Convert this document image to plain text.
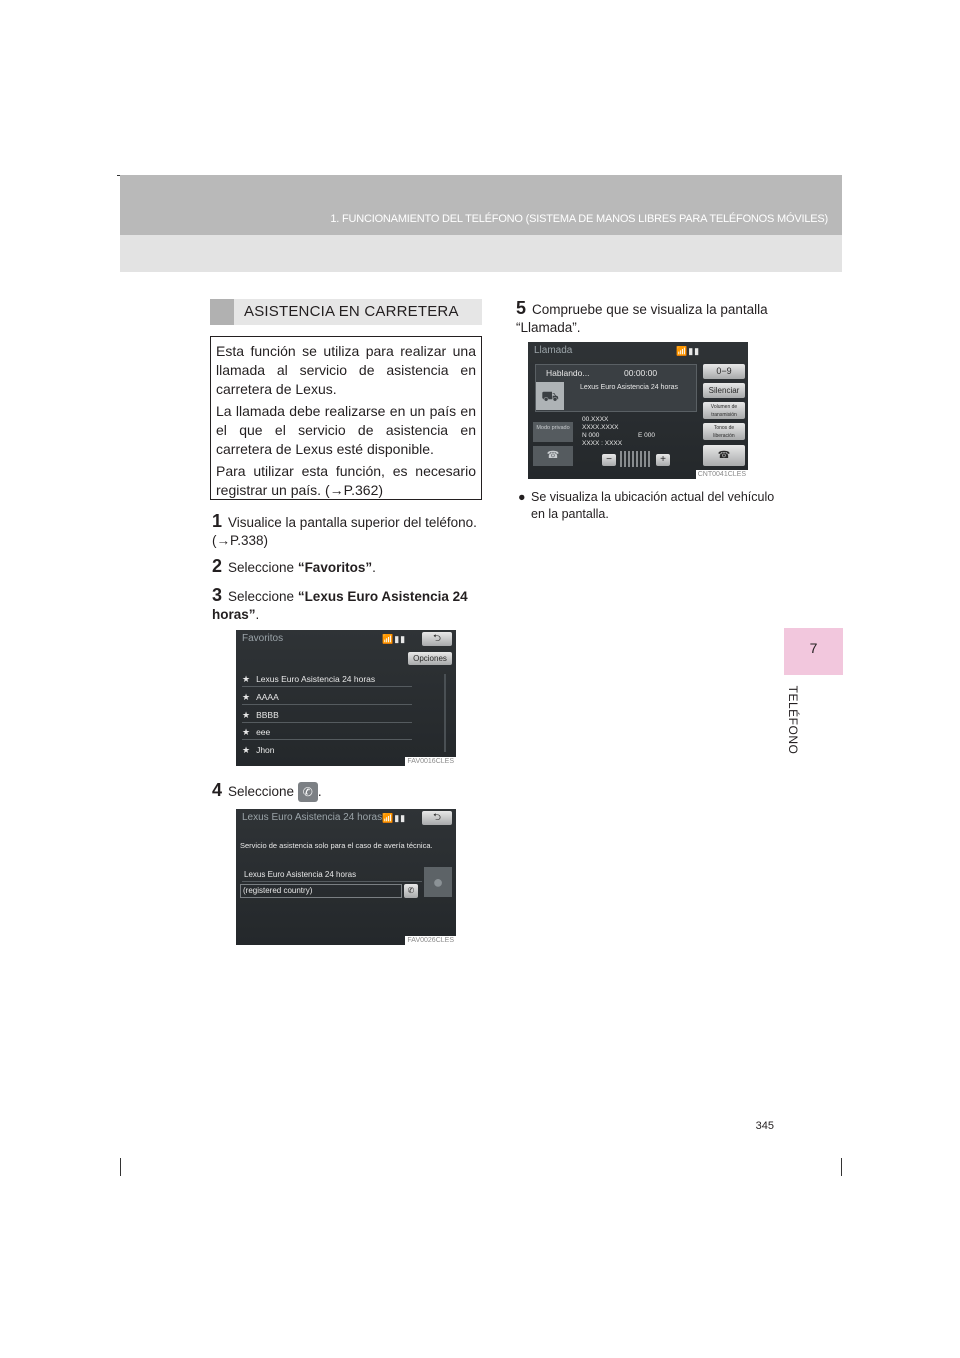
1. FUNCIONAMIENTO DEL TELÉFONO (SISTEMA DE MANOS LIBRES PARA TELÉFONOS MÓVILES)
7
TELÉFONO
ASISTENCIA EN CARRETERA

Esta función se utiliza para realizar una llamada al servicio de asistencia en carretera de Lexus.

La llamada debe realizarse en un país en el que el servicio de asistencia en carretera de Lexus esté disponible.

Para utilizar esta función, es necesario registrar un país. (→P.362)

1 Visualice la pantalla superior del teléfono. (→P.338)
2 Seleccione “Favoritos”.
3 Seleccione “Lexus Euro Asistencia 24 horas”.
Favoritos	📶▮▮	⮌
Opciones
★ Lexus Euro Asistencia 24 horas
★ AAAA
★ BBBB
★ eee
★ Jhon
FAV0016CLES
4 Seleccione ✆ .
Lexus Euro Asistencia 24 horas 📶▮▮	⮌
Servicio de asistencia solo para el caso de avería técnica.
Lexus Euro Asistencia 24 horas
(registered country)	✆	●
FAV0026CLES
5 Compruebe que se visualiza la pantalla “Llamada”.
Llamada	📶▮▮
Hablando...	00:00:00
⛟
Lexus Euro Asistencia 24 horas
00.XXXX
XXXX.XXXX
N 000
XXXX : XXXX
E 000
0−9
Silenciar
Volumen de transmisión
Tonos de liberación
☎
Modo privado
☎	−	+
CNT0041CLES
● Se visualiza la ubicación actual del vehículo en la pantalla.
345
